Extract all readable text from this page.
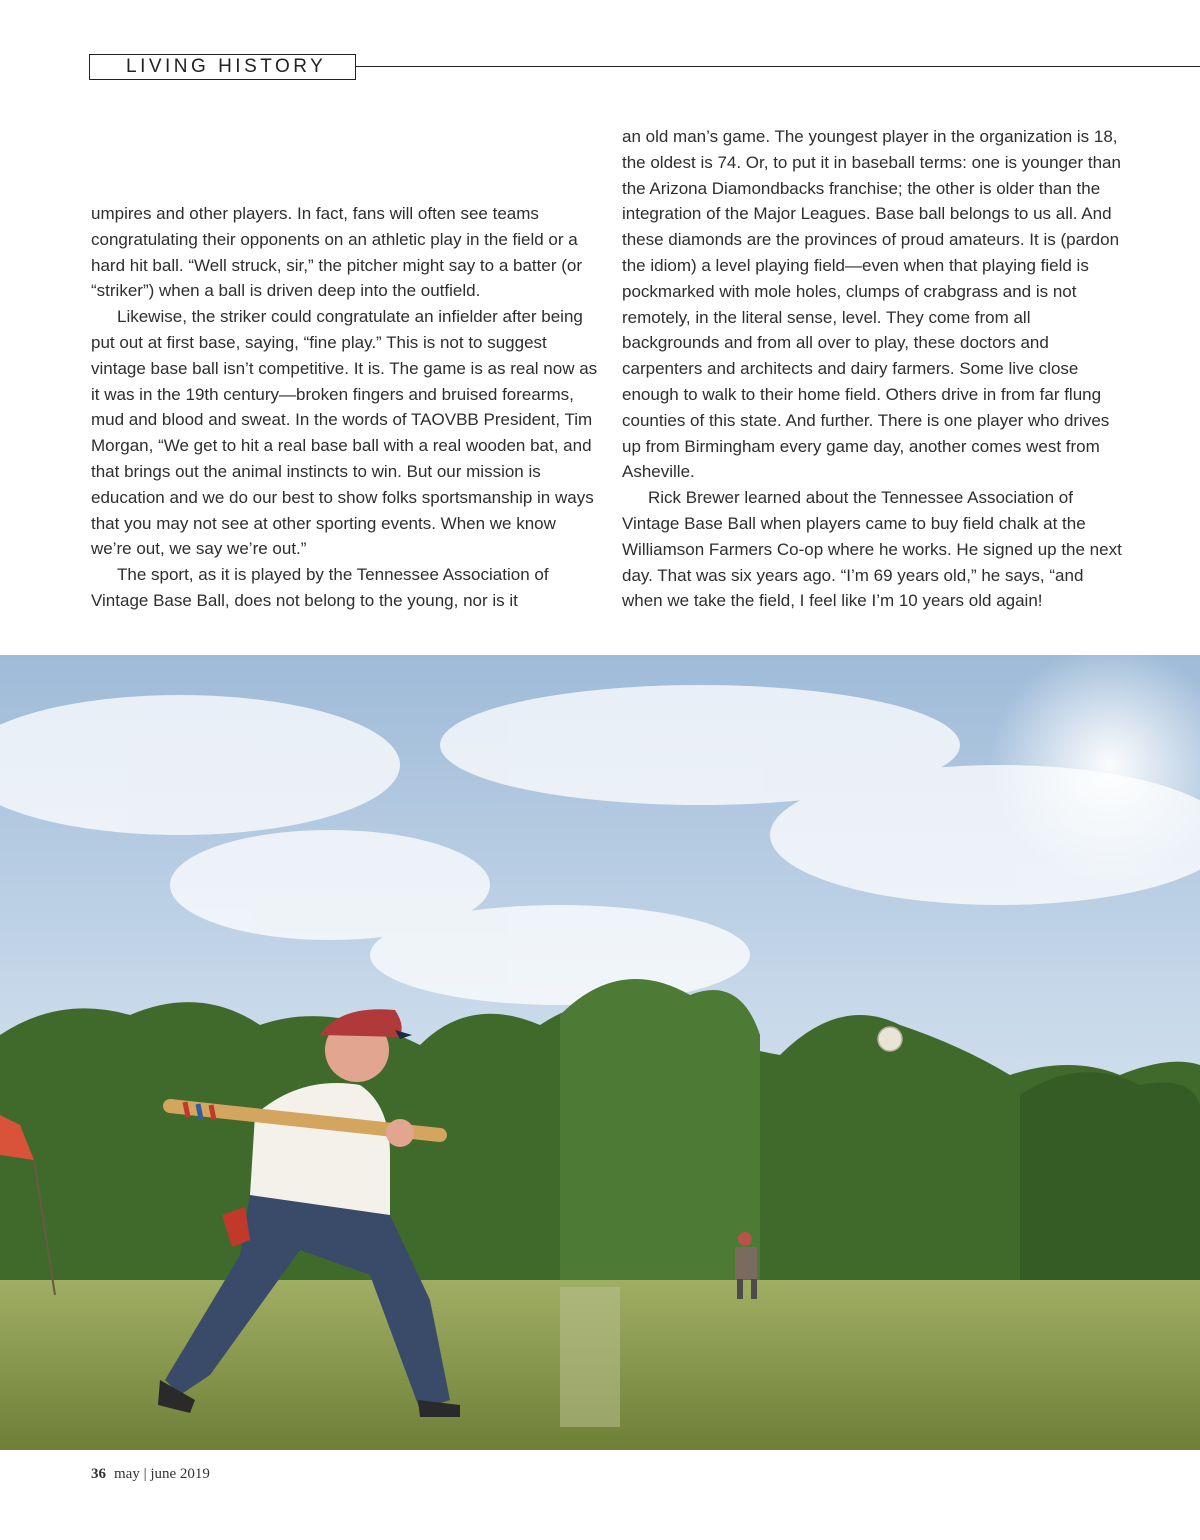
LIVING HISTORY

umpires and other players. In fact, fans will often see teams congratulating their opponents on an athletic play in the field or a hard hit ball. “Well struck, sir,” the pitcher might say to a batter (or “striker”) when a ball is driven deep into the outfield.

Likewise, the striker could congratulate an infielder after being put out at first base, saying, “fine play.” This is not to suggest vintage base ball isn’t competitive. It is. The game is as real now as it was in the 19th century—broken fingers and bruised forearms, mud and blood and sweat. In the words of TAOVBB President, Tim Morgan, “We get to hit a real base ball with a real wooden bat, and that brings out the animal instincts to win. But our mission is education and we do our best to show folks sportsmanship in ways that you may not see at other sporting events. When we know we’re out, we say we’re out.”

The sport, as it is played by the Tennessee Association of Vintage Base Ball, does not belong to the young, nor is it

an old man’s game. The youngest player in the organization is 18, the oldest is 74. Or, to put it in baseball terms: one is younger than the Arizona Diamondbacks franchise; the other is older than the integration of the Major Leagues. Base ball belongs to us all. And these diamonds are the provinces of proud amateurs. It is (pardon the idiom) a level playing field—even when that playing field is pockmarked with mole holes, clumps of crabgrass and is not remotely, in the literal sense, level. They come from all backgrounds and from all over to play, these doctors and carpenters and architects and dairy farmers. Some live close enough to walk to their home field. Others drive in from far flung counties of this state. And further. There is one player who drives up from Birmingham every game day, another comes west from Asheville.

Rick Brewer learned about the Tennessee Association of Vintage Base Ball when players came to buy field chalk at the Williamson Farmers Co-op where he works. He signed up the next day. That was six years ago. “I’m 69 years old,” he says, “and when we take the field, I feel like I’m 10 years old again!

36 may | june 2019
